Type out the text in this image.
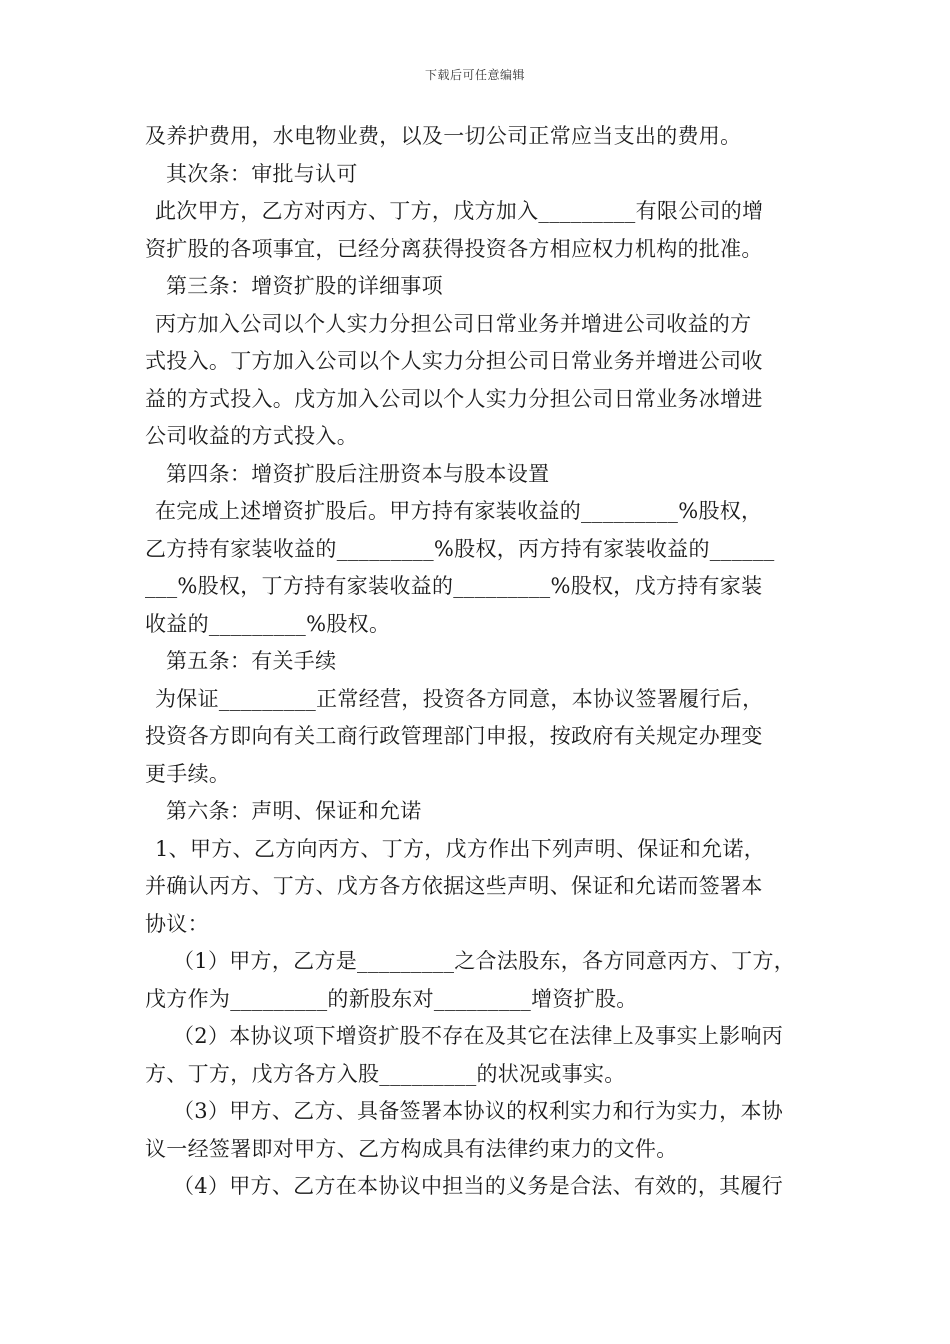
下载后可任意编辑
及养护费用，水电物业费，以及一切公司正常应当支出的费用。
其次条：审批与认可
此次甲方，乙方对丙方、丁方，戊方加入_________有限公司的增
资扩股的各项事宜，已经分离获得投资各方相应权力机构的批准。
第三条：增资扩股的详细事项
丙方加入公司以个人实力分担公司日常业务并增进公司收益的方
式投入。丁方加入公司以个人实力分担公司日常业务并增进公司收
益的方式投入。戊方加入公司以个人实力分担公司日常业务冰增进
公司收益的方式投入。
第四条：增资扩股后注册资本与股本设置
在完成上述增资扩股后。甲方持有家装收益的_________%股权，
乙方持有家装收益的_________%股权，丙方持有家装收益的______
___%股权，丁方持有家装收益的_________%股权，戊方持有家装
收益的_________%股权。
第五条：有关手续
为保证_________正常经营，投资各方同意，本协议签署履行后，
投资各方即向有关工商行政管理部门申报，按政府有关规定办理变
更手续。
第六条：声明、保证和允诺
1、甲方、乙方向丙方、丁方，戊方作出下列声明、保证和允诺，
并确认丙方、丁方、戊方各方依据这些声明、保证和允诺而签署本
协议：
（1）甲方，乙方是_________之合法股东，各方同意丙方、丁方，
戊方作为_________的新股东对_________增资扩股。
（2）本协议项下增资扩股不存在及其它在法律上及事实上影响丙
方、丁方，戊方各方入股_________的状况或事实。
（3）甲方、乙方、具备签署本协议的权利实力和行为实力，本协
议一经签署即对甲方、乙方构成具有法律约束力的文件。
（4）甲方、乙方在本协议中担当的义务是合法、有效的，其履行
